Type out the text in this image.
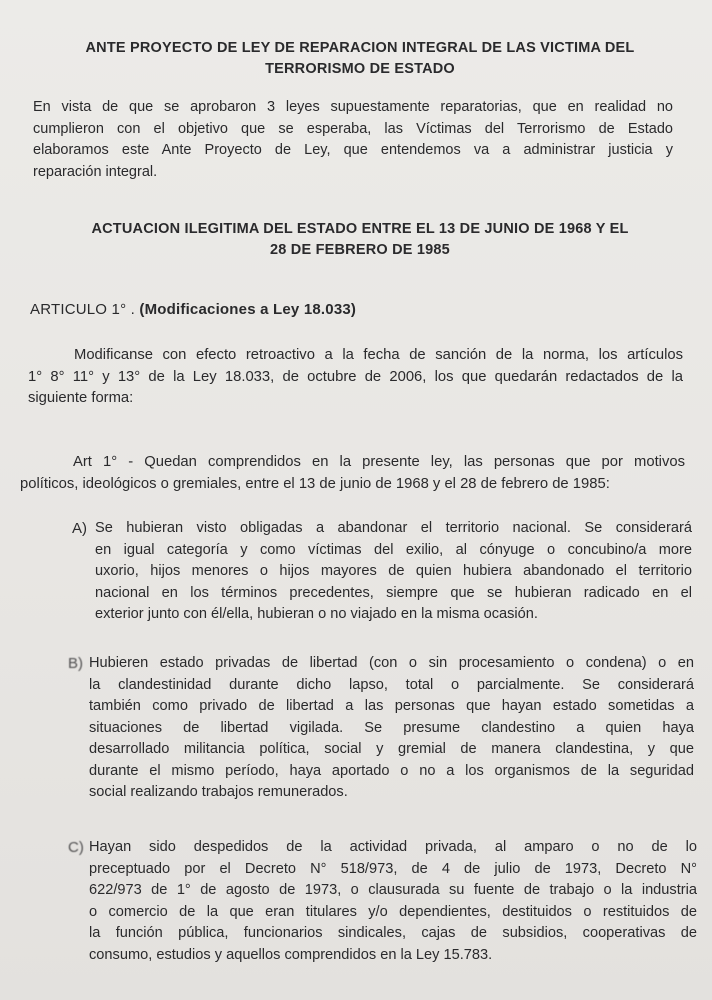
ANTE PROYECTO DE LEY DE REPARACION INTEGRAL DE LAS VICTIMA DEL
TERRORISMO DE ESTADO
En vista de que se aprobaron 3 leyes supuestamente reparatorias, que en realidad no
cumplieron con el objetivo que se esperaba, las Víctimas del Terrorismo de Estado
elaboramos este Ante Proyecto de Ley, que entendemos va a administrar justicia y
reparación integral.
ACTUACION ILEGITIMA DEL ESTADO ENTRE EL 13 DE JUNIO DE 1968 Y EL
28 DE FEBRERO DE 1985
ARTICULO 1° . (Modificaciones a Ley 18.033)
Modificanse con efecto retroactivo a la fecha de sanción de la norma, los artículos
1° 8° 11° y 13° de la Ley 18.033, de octubre de 2006, los que quedarán redactados de la
siguiente forma:
Art 1° - Quedan comprendidos en la presente ley, las personas que por motivos
políticos, ideológicos o gremiales, entre el 13 de junio de 1968 y el 28 de febrero de 1985:
A) Se hubieran visto obligadas a abandonar el territorio nacional. Se considerará
en igual categoría y como víctimas del exilio, al cónyuge o concubino/a more
uxorio, hijos menores o hijos mayores de quien hubiera abandonado el territorio
nacional en los términos precedentes, siempre que se hubieran radicado en el
exterior junto con él/ella, hubieran o no viajado en la misma ocasión.
B) Hubieren estado privadas de libertad (con o sin procesamiento o condena) o en
la clandestinidad durante dicho lapso, total o parcialmente. Se considerará
también como privado de libertad a las personas que hayan estado sometidas a
situaciones de libertad vigilada. Se presume clandestino a quien haya
desarrollado militancia política, social y gremial de manera clandestina, y que
durante el mismo período, haya aportado o no a los organismos de la seguridad
social realizando trabajos remunerados.
C) Hayan sido despedidos de la actividad privada, al amparo o no de lo
preceptuado por el Decreto N° 518/973, de 4 de julio de 1973, Decreto N°
622/973 de 1° de agosto de 1973, o clausurada su fuente de trabajo o la industria
o comercio de la que eran titulares y/o dependientes, destituidos o restituidos de
la función pública, funcionarios sindicales, cajas de subsidios, cooperativas de
consumo, estudios y aquellos comprendidos en la Ley 15.783.
